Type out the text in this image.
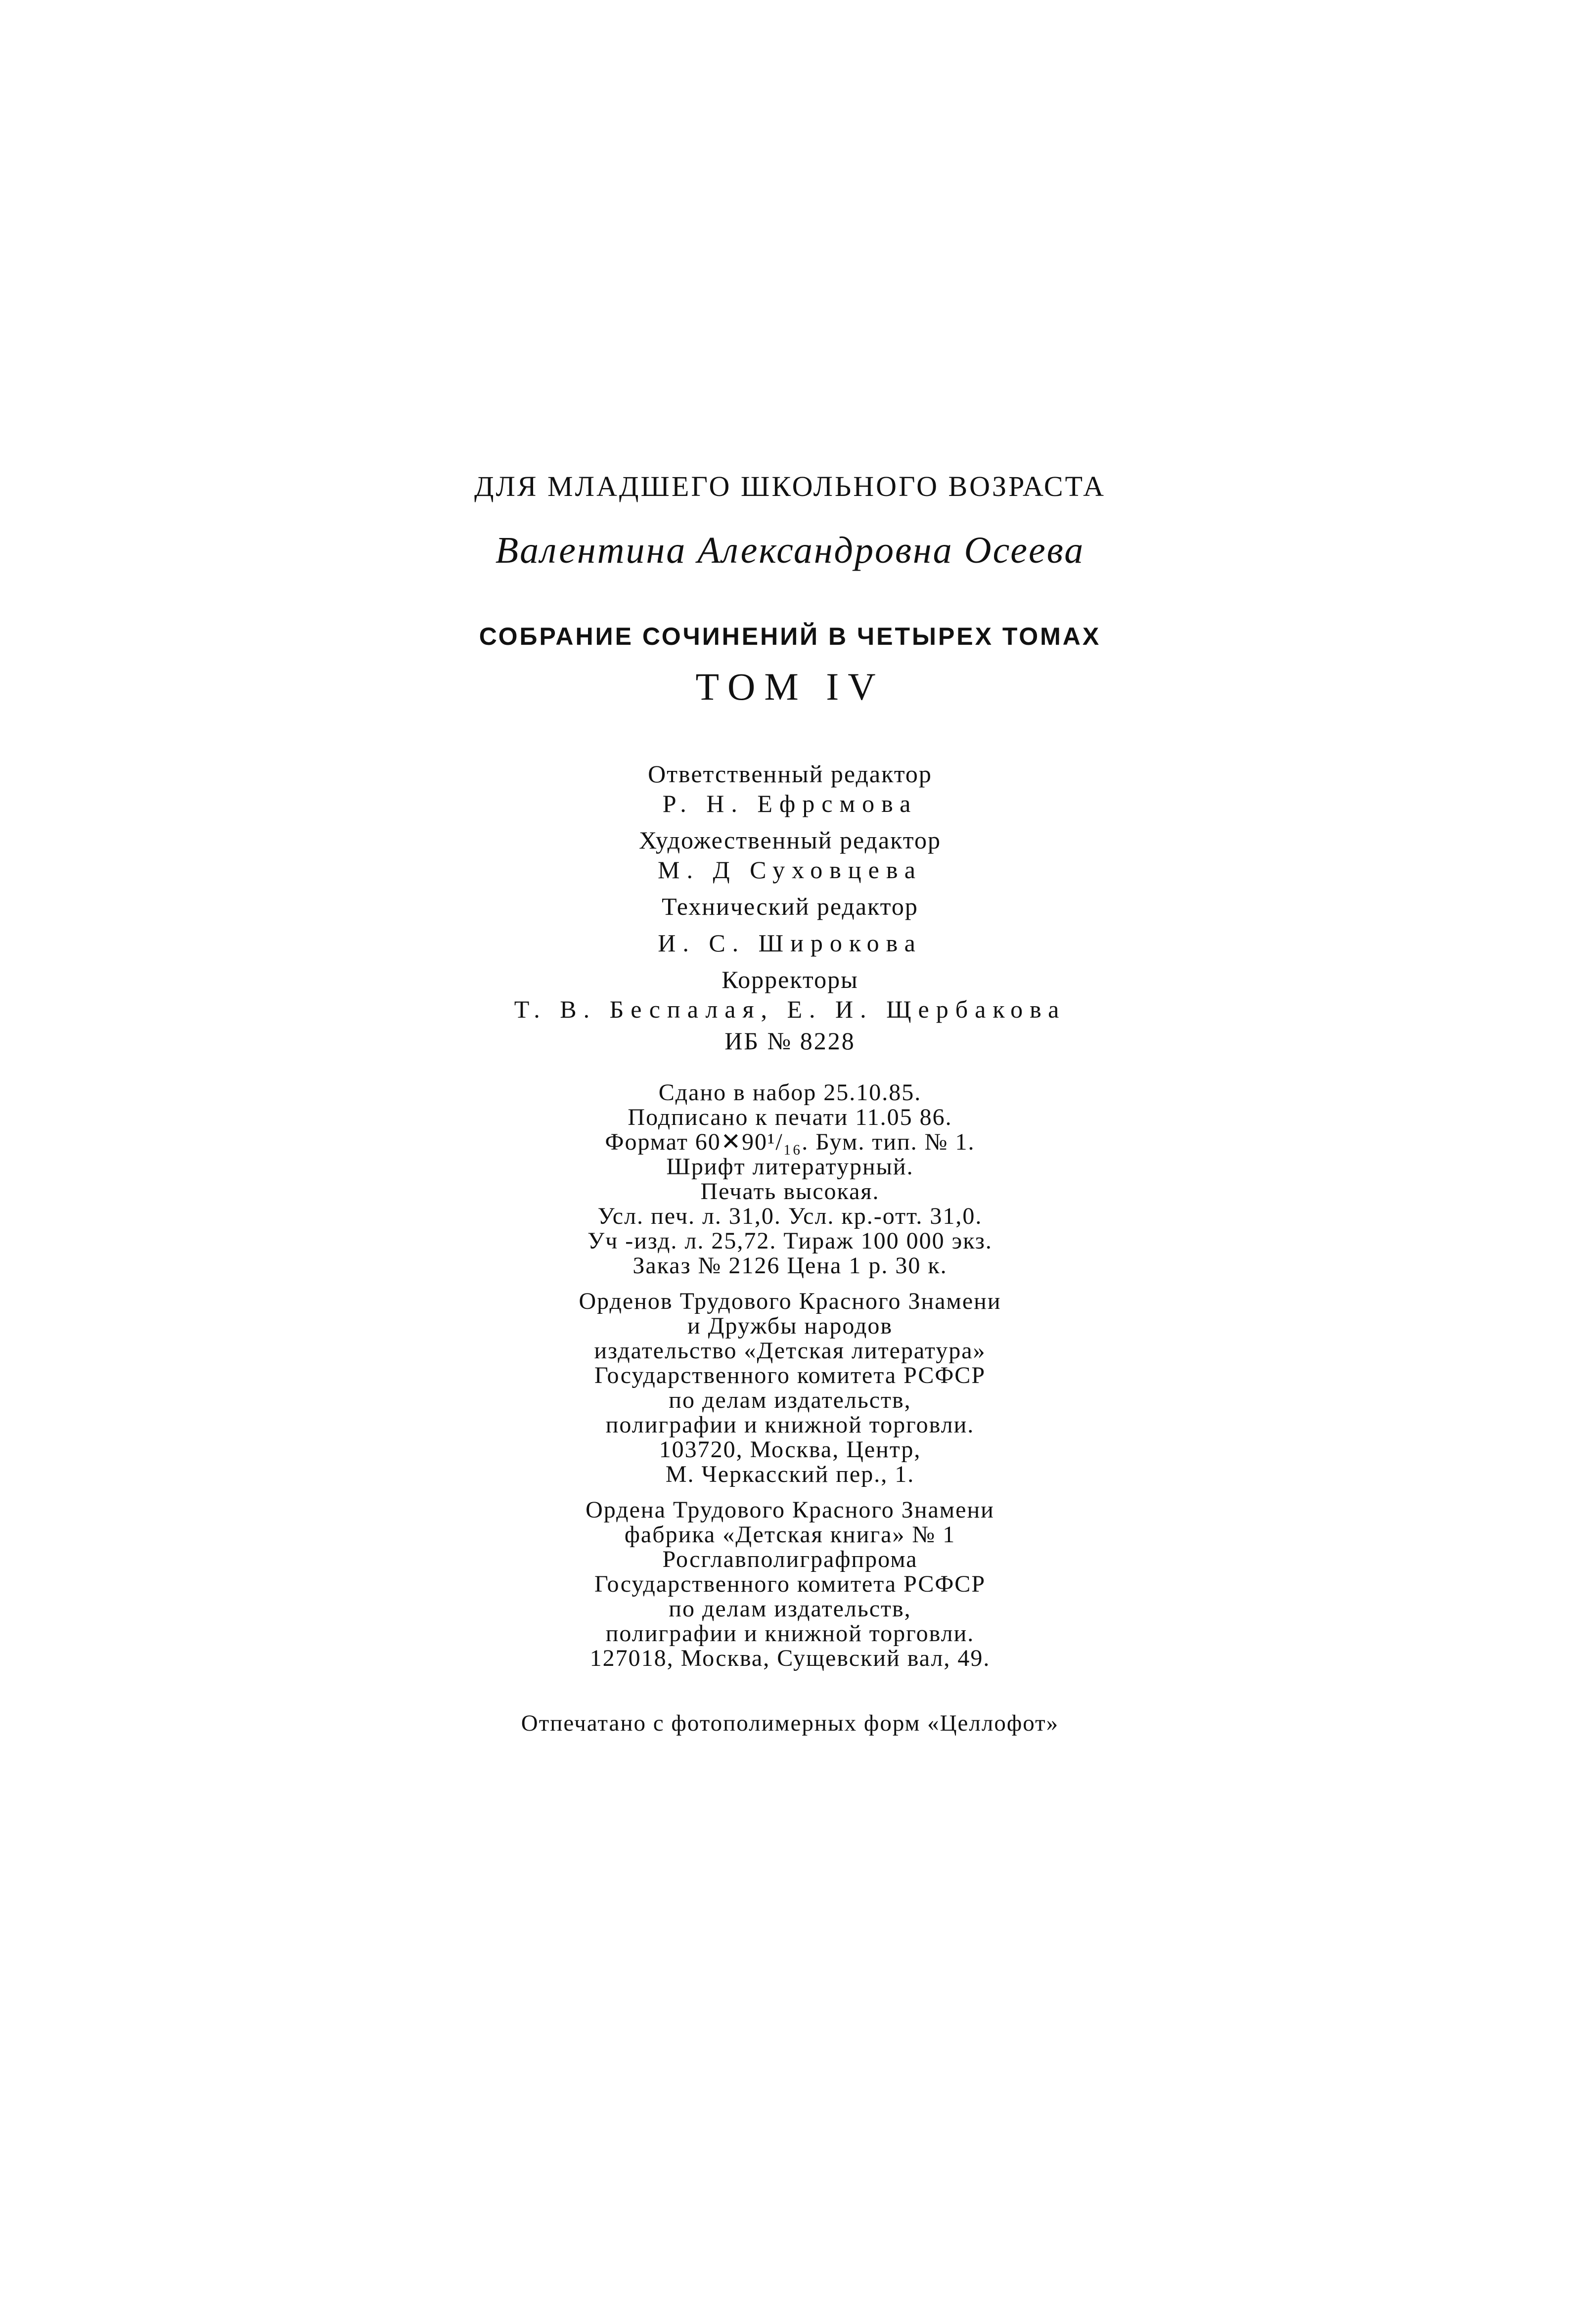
ДЛЯ МЛАДШЕГО ШКОЛЬНОГО ВОЗРАСТА
Валентина Александровна Осеева
СОБРАНИЕ СОЧИНЕНИЙ В ЧЕТЫРЕХ ТОМАХ
ТОМ IV
Ответственный редактор
Р. Н. Ефрсмова
Художественный редактор
М. Д Суховцева
Технический редактор
И. С. Широкова
Корректоры
Т. В. Беспалая, Е. И. Щербакова
ИБ № 8228
Сдано в набор 25.10.85.
Подписано к печати 11.05 86.
Формат 60✕90¹/₁₆. Бум. тип. № 1.
Шрифт литературный.
Печать высокая.
Усл. печ. л. 31,0. Усл. кр.-отт. 31,0.
Уч -изд. л. 25,72. Тираж 100 000 экз.
Заказ № 2126 Цена 1 р. 30 к.
Орденов Трудового Красного Знамени
и Дружбы народов
издательство «Детская литература»
Государственного комитета РСФСР
по делам издательств,
полиграфии и книжной торговли.
103720, Москва, Центр,
М. Черкасский пер., 1.
Ордена Трудового Красного Знамени
фабрика «Детская книга» № 1
Росглавполиграфпрома
Государственного комитета РСФСР
по делам издательств,
полиграфии и книжной торговли.
127018, Москва, Сущевский вал, 49.
Отпечатано с фотополимерных форм «Целлофот»
